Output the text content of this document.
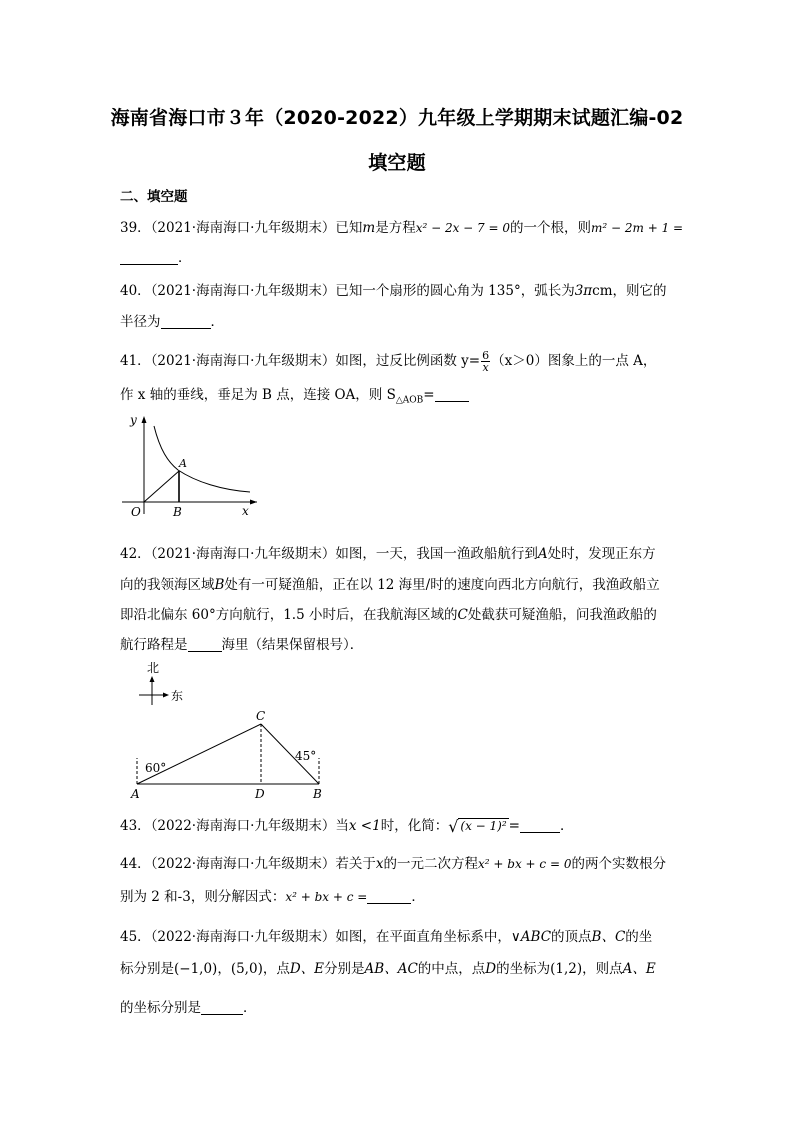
海南省海口市３年（2020-2022）九年级上学期期末试题汇编-02
填空题
二、填空题
39．（2021·海南海口·九年级期末）已知m是方程x² − 2x − 7 = 0的一个根，则m² − 2m + 1 =
．
40．（2021·海南海口·九年级期末）已知一个扇形的圆心角为 135°，弧长为3πcm，则它的
半径为	．
41．（2021·海南海口·九年级期末）如图，过反比例函数 $y= \frac{6}{x} (x>0)$图象上的一点 A，
作 x 轴的垂线，垂足为 B 点，连接 OA，则 $S_{\triangle AOB}=$
y
x
O	B
A
42．（2021·海南海口·九年级期末）如图，一天，我国一渔政船航行到A处时，发现正东方
向的我领海区域B处有一可疑渔船，正在以 12 海里/时的速度向西北方向航行，我渔政船立
即沿北偏东 60°方向航行，1.5 小时后，在我航海区域的C处截获可疑渔船，问我渔政船的
航行路程是	海里（结果保留根号）．
北
东
60°
45°
A	D	B
C
43．（2022·海南海口·九年级期末）当x <1时，化简：√ (x − 1)² =	．
44．（2022·海南海口·九年级期末）若关于x的一元二次方程x² + bx + c = 0的两个实数根分
别为 2 和-3，则分解因式：x² + bx + c =	．
45．（2022·海南海口·九年级期末）如图，在平面直角坐标系中，∨ABC的顶点B、C的坐
标分别是(−1,0)，(5,0)，点D、E分别是AB、AC的中点，点D的坐标为(1,2)，则点A、E
的坐标分别是	．
